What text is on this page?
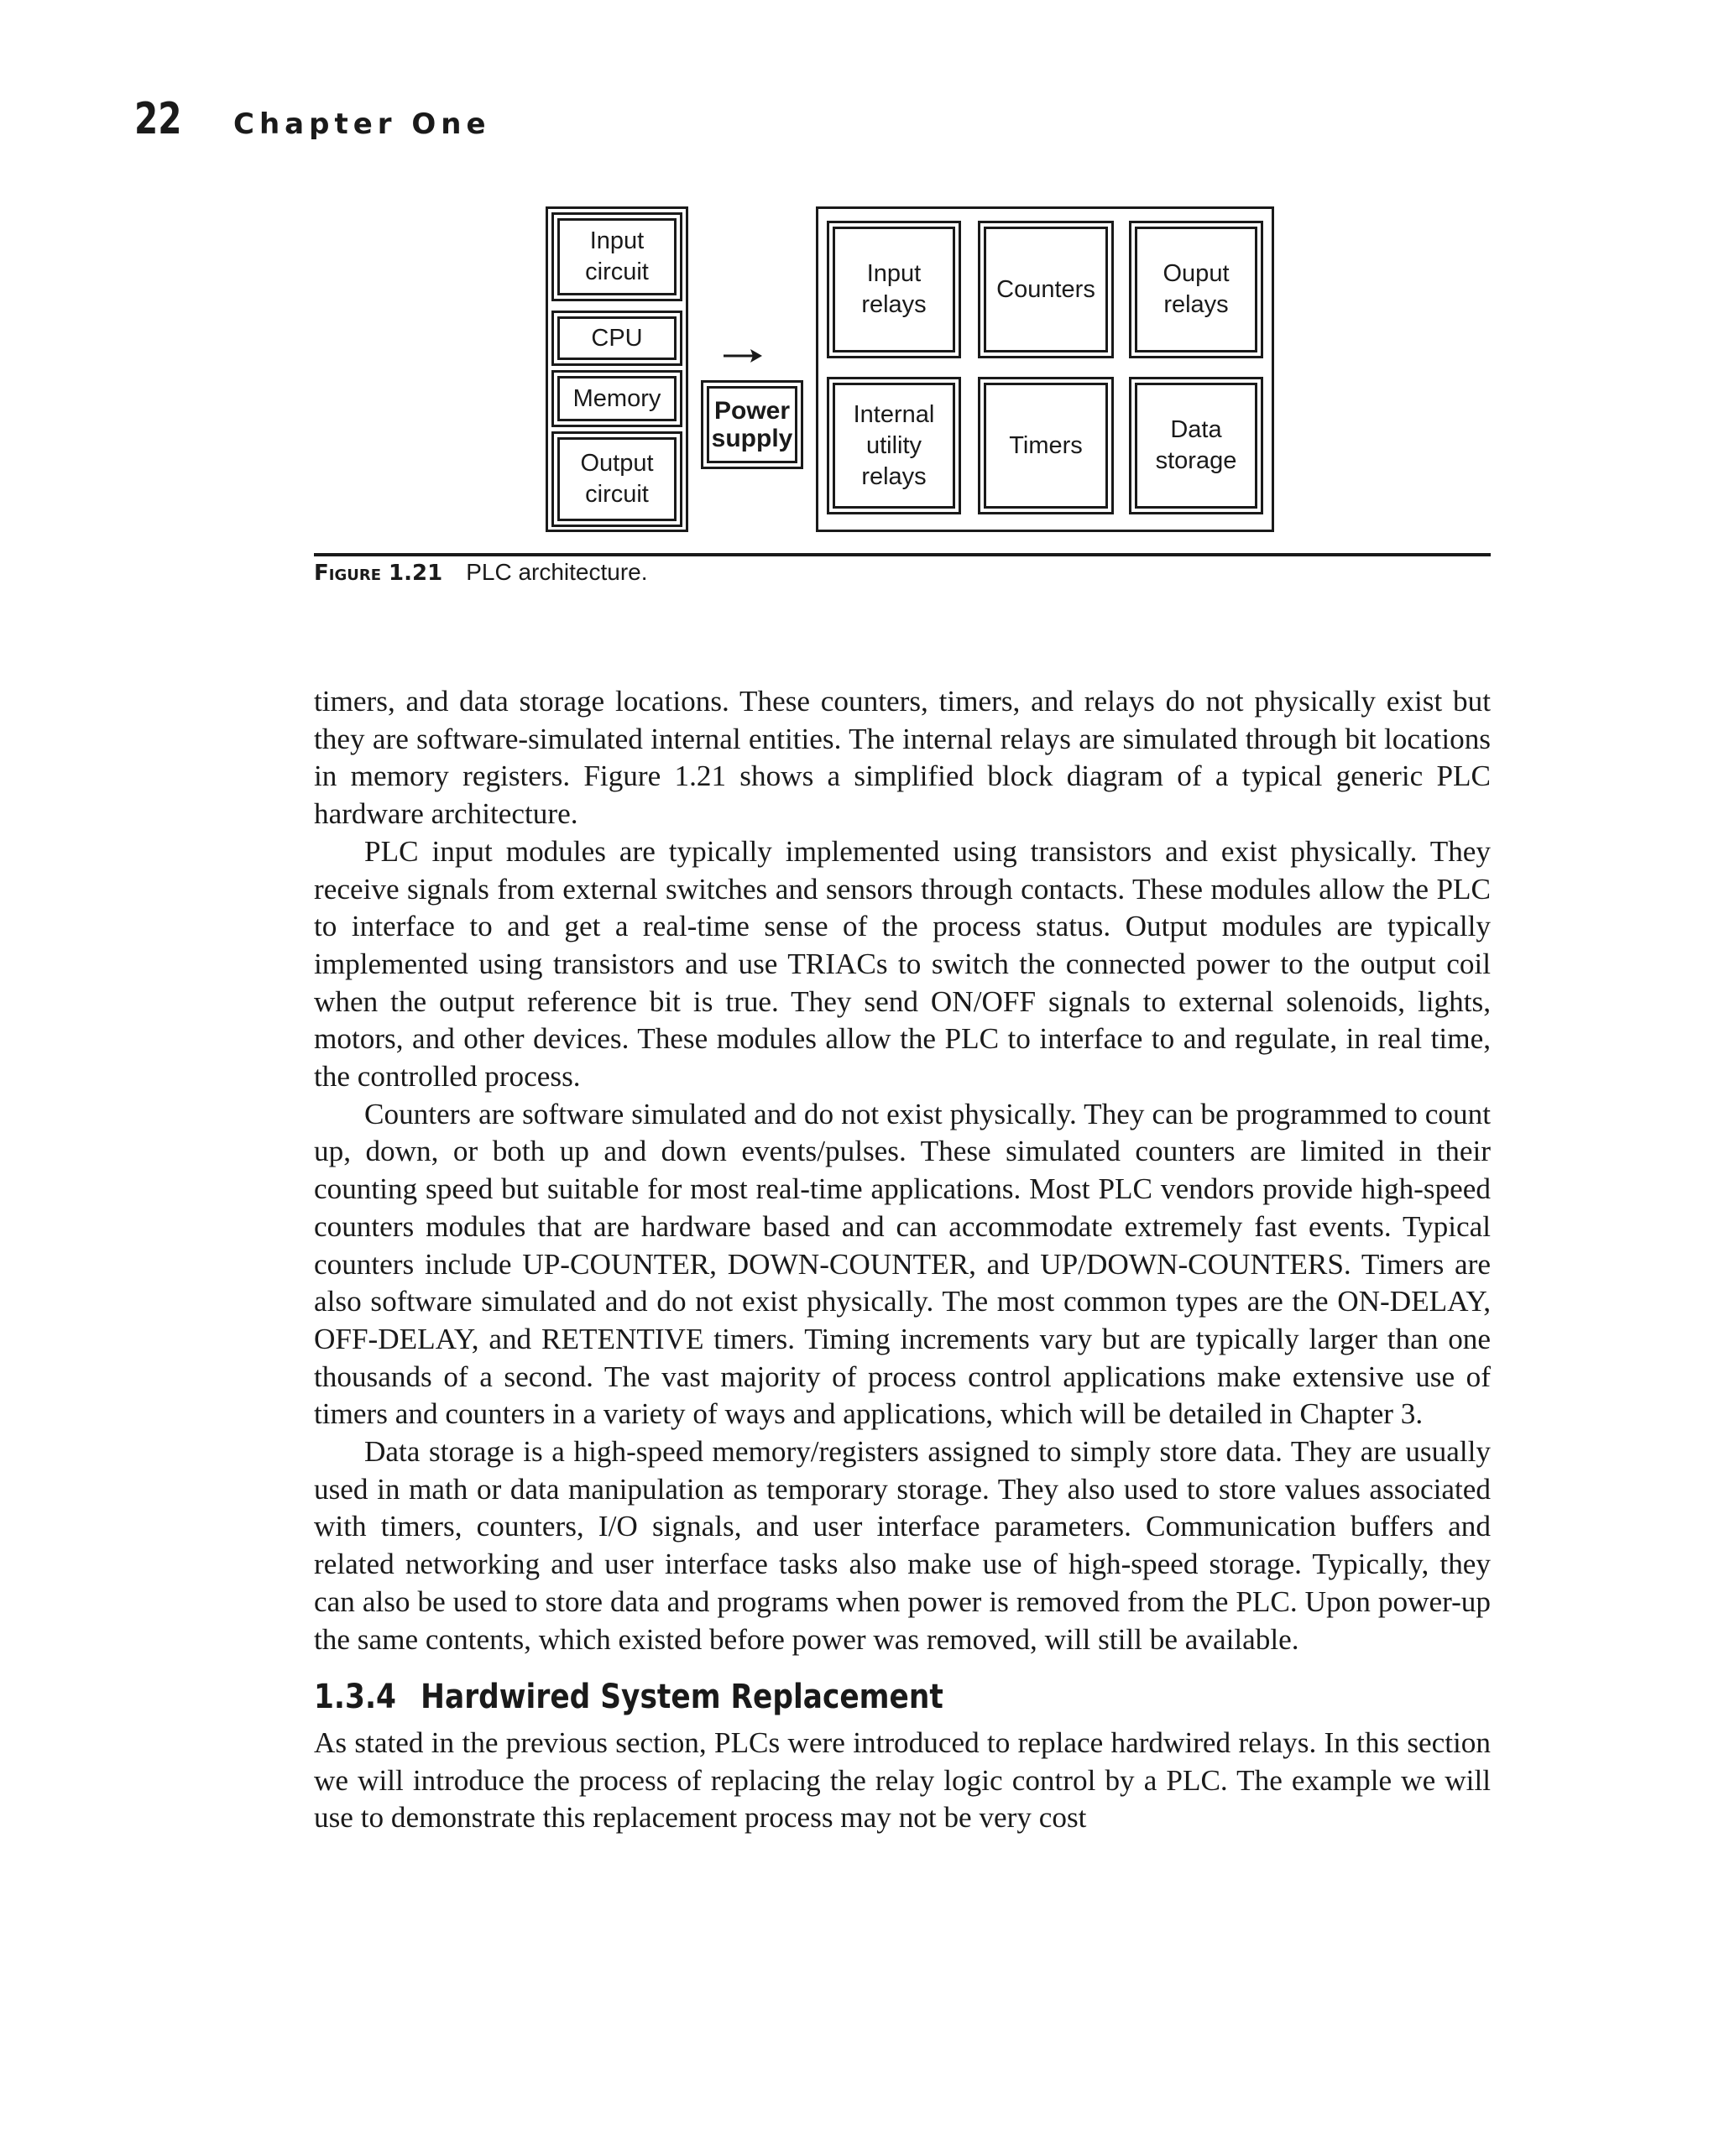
22	Chapter One
Input
circuit
CPU
Memory
Output
circuit
Power
supply
Input
relays
Counters
Ouput
relays
Internal
utility
relays
Timers
Data
storage
Figure 1.21 PLC architecture.

timers, and data storage locations. These counters, timers, and relays do not physically exist but they are software-simulated internal entities. The internal relays are simulated through bit locations in memory registers. Figure 1.21 shows a simplified block diagram of a typical generic PLC hardware architecture.

PLC input modules are typically implemented using transistors and exist physically. They receive signals from external switches and sensors through contacts. These modules allow the PLC to interface to and get a real-time sense of the process status. Output modules are typically implemented using transistors and use TRIACs to switch the connected power to the output coil when the output reference bit is true. They send ON/OFF signals to external solenoids, lights, motors, and other devices. These modules allow the PLC to interface to and regulate, in real time, the controlled process.

Counters are software simulated and do not exist physically. They can be programmed to count up, down, or both up and down events/pulses. These simulated counters are limited in their counting speed but suitable for most real-time applications. Most PLC vendors provide high-speed counters modules that are hardware based and can accommodate extremely fast events. Typical counters include UP-COUNTER, DOWN-COUNTER, and UP/DOWN-COUNTERS. Timers are also software simulated and do not exist physically. The most common types are the ON-DELAY, OFF-DELAY, and RETENTIVE timers. Timing increments vary but are typically larger than one thousands of a second. The vast majority of process control applications make extensive use of timers and counters in a variety of ways and applications, which will be detailed in Chapter 3.

Data storage is a high-speed memory/registers assigned to simply store data. They are usually used in math or data manipulation as temporary storage. They also used to store values associated with timers, counters, I/O signals, and user interface parameters. Communication buffers and related networking and user interface tasks also make use of high-speed storage. Typically, they can also be used to store data and programs when power is removed from the PLC. Upon power-up the same contents, which existed before power was removed, will still be available.

1.3.4 Hardwired System Replacement

As stated in the previous section, PLCs were introduced to replace hardwired relays. In this section we will introduce the process of replacing the relay logic control by a PLC. The example we will use to demonstrate this replacement process may not be very cost
